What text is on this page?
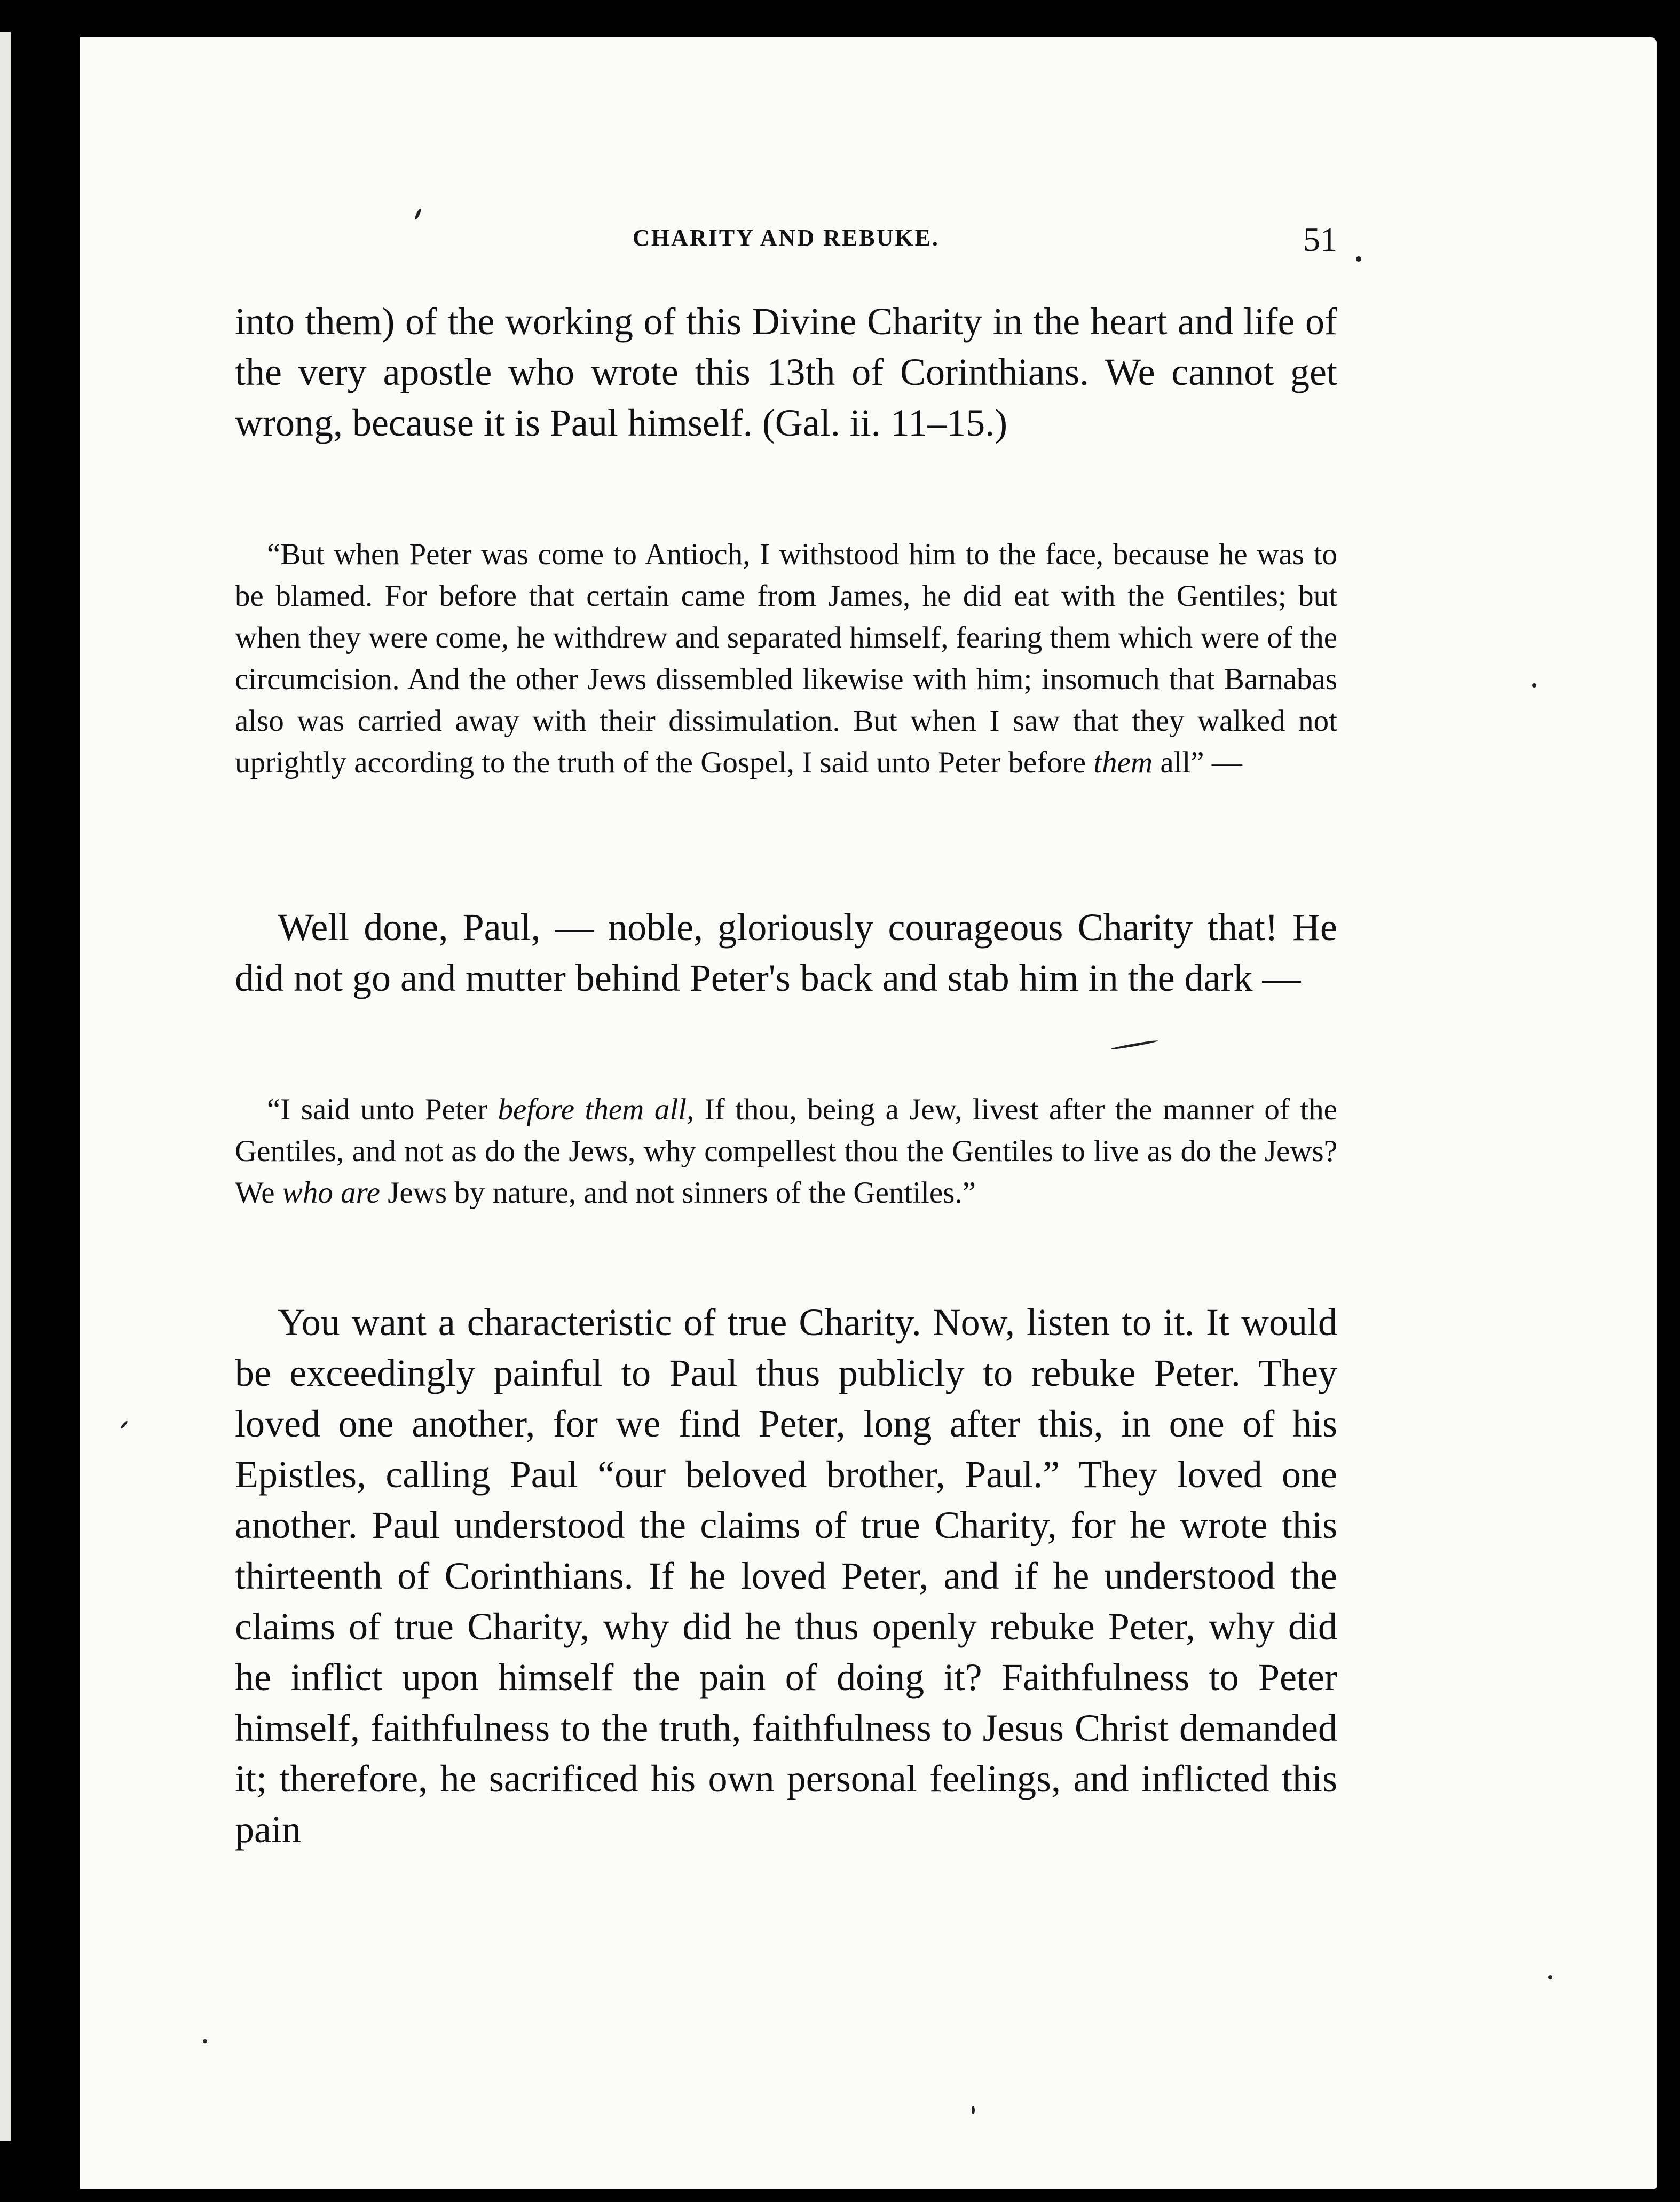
CHARITY AND REBUKE.	51

into them) of the working of this Divine Charity in the heart and life of the very apostle who wrote this 13th of Corinthians. We cannot get wrong, because it is Paul himself. (Gal. ii. 11–15.)

“But when Peter was come to Antioch, I withstood him to the face, because he was to be blamed. For before that certain came from James, he did eat with the Gentiles; but when they were come, he withdrew and separated himself, fearing them which were of the circumcision. And the other Jews dissembled likewise with him; insomuch that Barnabas also was carried away with their dissimulation. But when I saw that they walked not uprightly according to the truth of the Gospel, I said unto Peter before them all” —

Well done, Paul, — noble, gloriously courageous Charity that! He did not go and mutter behind Peter's back and stab him in the dark —

“I said unto Peter before them all, If thou, being a Jew, livest after the manner of the Gentiles, and not as do the Jews, why compellest thou the Gentiles to live as do the Jews? We who are Jews by nature, and not sinners of the Gentiles.”

You want a characteristic of true Charity. Now, listen to it. It would be exceedingly painful to Paul thus publicly to rebuke Peter. They loved one another, for we find Peter, long after this, in one of his Epistles, calling Paul “our beloved brother, Paul.” They loved one another. Paul understood the claims of true Charity, for he wrote this thirteenth of Corinthians. If he loved Peter, and if he understood the claims of true Charity, why did he thus openly rebuke Peter, why did he inflict upon himself the pain of doing it? Faithfulness to Peter himself, faithfulness to the truth, faithfulness to Jesus Christ demanded it; therefore, he sacrificed his own personal feelings, and inflicted this pain
